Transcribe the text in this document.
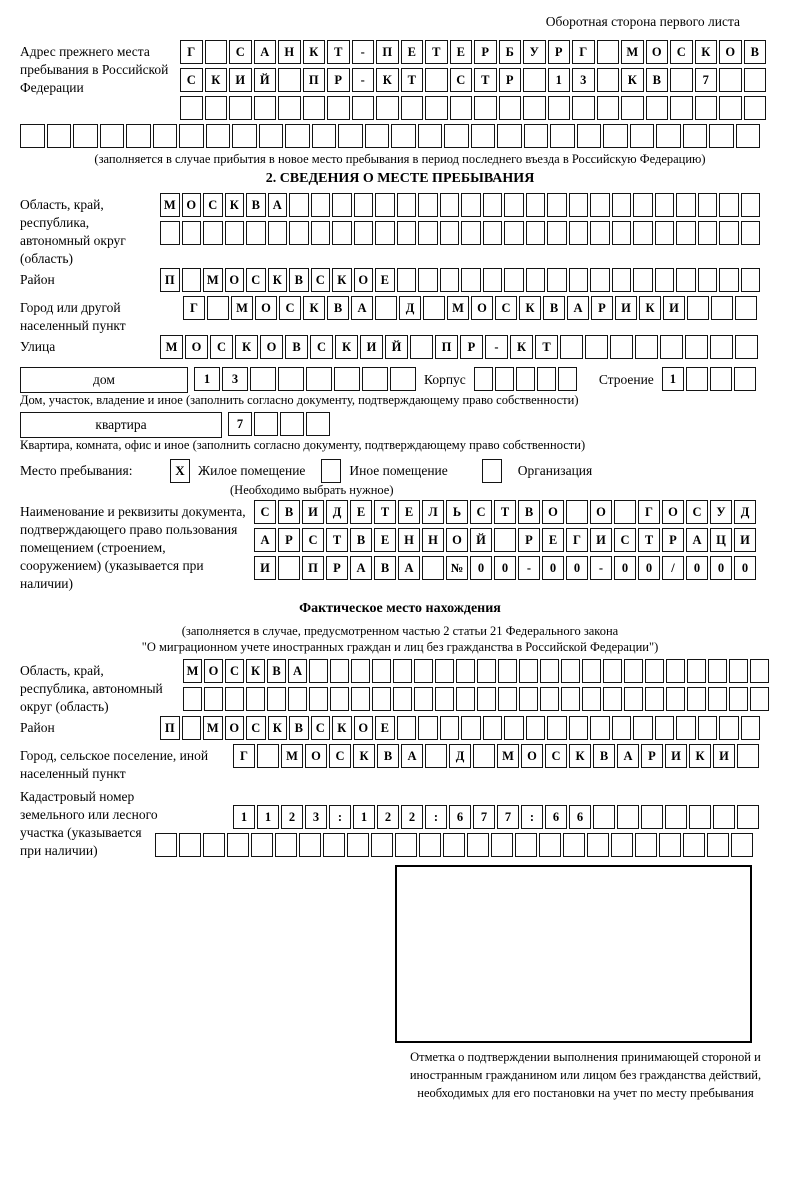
Оборотная сторона первого листа
Адрес прежнего места пребывания в Российской Федерации
Г	С	А	Н	К	Т	-	П	Е	Т	Е	Р	Б	У	Р	Г	М	О	С	К	О	В
С	К	И	Й	П	Р	-	К	Т	С	Т	Р	1	3	К	В	7
(заполняется в случае прибытия в новое место пребывания в период последнего въезда в Российскую Федерацию)
2. СВЕДЕНИЯ О МЕСТЕ ПРЕБЫВАНИЯ
Область, край, республика, автономный округ (область)
М О С К	В	А
Район	П	М О С К	В	С К О Е
Город или другой населенный пункт
Г	М	О	С	К	В	А	Д	М	О	С	К	В	А	Р	И	К	И
Улица	М	О	С	К	О	В	С	К	И	Й	П	Р	-	К	Т
дом	1	3	Корпус	Строение	1
Дом, участок, владение и иное (заполнить согласно документу, подтверждающему право собственности)
квартира	7
Квартира, комната, офис и иное (заполнить согласно документу, подтверждающему право собственности)
Место пребывания:	X Жилое помещение	Иное помещение	Организация
(Необходимо выбрать нужное)
Наименование и реквизиты документа, подтверждающего право пользования помещением (строением, сооружением) (указывается при наличии)
С	В	И	Д	Е	Т	Е	Л	Ь	С	Т	В	О	О	Г	О	С	У	Д
А	Р	С	Т	В	Е	Н	Н	О	Й	Р	Е	Г	И	С	Т	Р	А	Ц	И
И	П	Р	А	В	А	№	0	0	-	0	0	-	0	0	/	0	0	0
Фактическое место нахождения
(заполняется в случае, предусмотренном частью 2 статьи 21 Федерального закона
"О миграционном учете иностранных граждан и лиц без гражданства в Российской Федерации")
Область, край, республика, автономный округ (область)
М О С К В А
Район	П	М О С К	В	С К О Е
Город, сельское поселение, иной населенный пункт
Г	М	О	С	К	В	А	Д	М	О	С	К	В	А	Р	И	К	И
Кадастровый номер земельного или лесного участка (указывается при наличии)
1	1	2	3	:	1	2	2	:	6	7	7	:	6	6
Отметка о подтверждении выполнения принимающей стороной и иностранным гражданином или лицом без гражданства действий, необходимых для его постановки на учет по месту пребывания
